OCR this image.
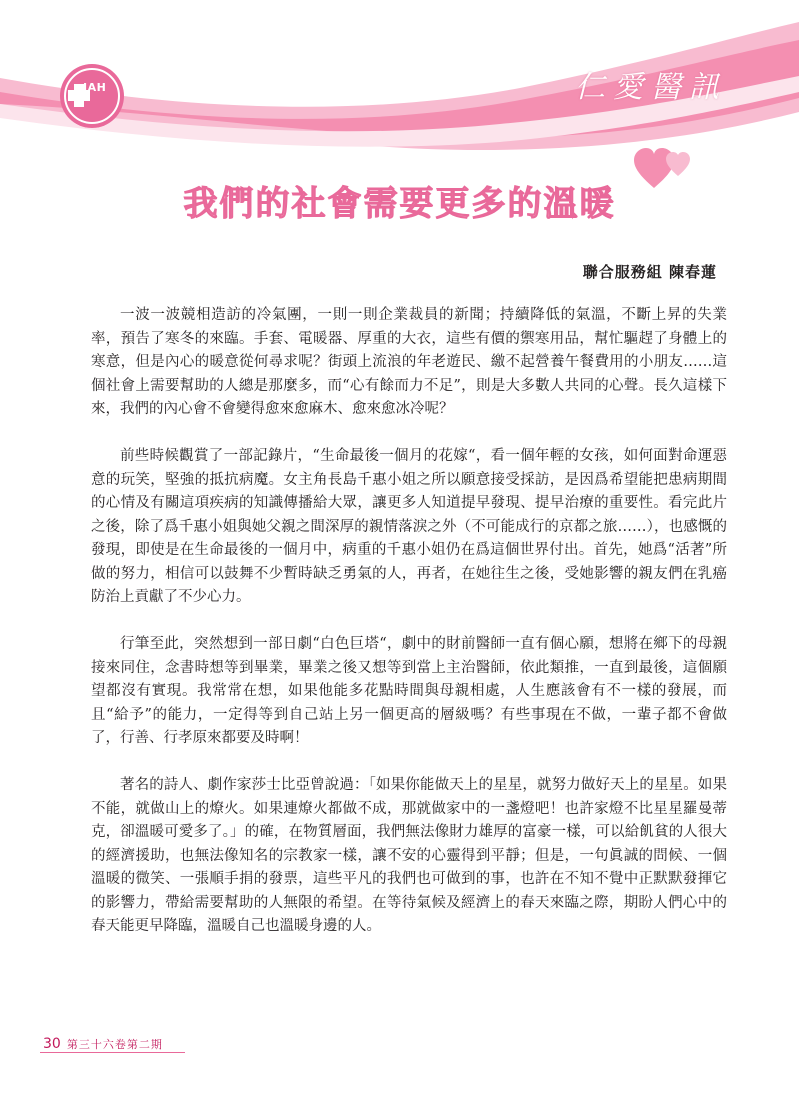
JAH	仁愛醫訊
我們的社會需要更多的溫暖
聯合服務組 陳春蓮

一波一波競相造訪的冷氣團，一則一則企業裁員的新聞；持續降低的氣溫，不斷上昇的失業率，預告了寒冬的來臨。手套、電暖器、厚重的大衣，這些有價的禦寒用品，幫忙驅趕了身體上的寒意，但是內心的暖意從何尋求呢？街頭上流浪的年老遊民、繳不起營養午餐費用的小朋友……這個社會上需要幫助的人總是那麼多，而“心有餘而力不足”，則是大多數人共同的心聲。長久這樣下來，我們的內心會不會變得愈來愈麻木、愈來愈冰冷呢？

前些時候觀賞了一部記錄片，“生命最後一個月的花嫁“，看一個年輕的女孩，如何面對命運惡意的玩笑，堅強的抵抗病魔。女主角長島千惠小姐之所以願意接受採訪，是因爲希望能把患病期間的心情及有關這項疾病的知識傳播給大眾，讓更多人知道提早發現、提早治療的重要性。看完此片之後，除了爲千惠小姐與她父親之間深厚的親情落淚之外（不可能成行的京都之旅……），也感慨的發現，即使是在生命最後的一個月中，病重的千惠小姐仍在爲這個世界付出。首先，她爲“活著”所做的努力，相信可以鼓舞不少暫時缺乏勇氣的人，再者，在她往生之後，受她影響的親友們在乳癌防治上貢獻了不少心力。

行筆至此，突然想到一部日劇“白色巨塔“，劇中的財前醫師一直有個心願，想將在鄉下的母親接來同住，念書時想等到畢業，畢業之後又想等到當上主治醫師，依此類推，一直到最後，這個願望都沒有實現。我常常在想，如果他能多花點時間與母親相處，人生應該會有不一樣的發展，而且“給予”的能力，一定得等到自己站上另一個更高的層級嗎？有些事現在不做，一輩子都不會做了，行善、行孝原來都要及時啊！

著名的詩人、劇作家莎士比亞曾說過：「如果你能做天上的星星，就努力做好天上的星星。如果不能，就做山上的燎火。如果連燎火都做不成，那就做家中的一盞燈吧！也許家燈不比星星羅曼蒂克，卻溫暖可愛多了。」的確，在物質層面，我們無法像財力雄厚的富豪一樣，可以給飢貧的人很大的經濟援助，也無法像知名的宗教家一樣，讓不安的心靈得到平靜；但是，一句眞誠的問候、一個溫暖的微笑、一張順手捐的發票，這些平凡的我們也可做到的事，也許在不知不覺中正默默發揮它的影響力，帶給需要幫助的人無限的希望。在等待氣候及經濟上的春天來臨之際，期盼人們心中的春天能更早降臨，溫暖自己也溫暖身邊的人。

30 第三十六卷第二期
